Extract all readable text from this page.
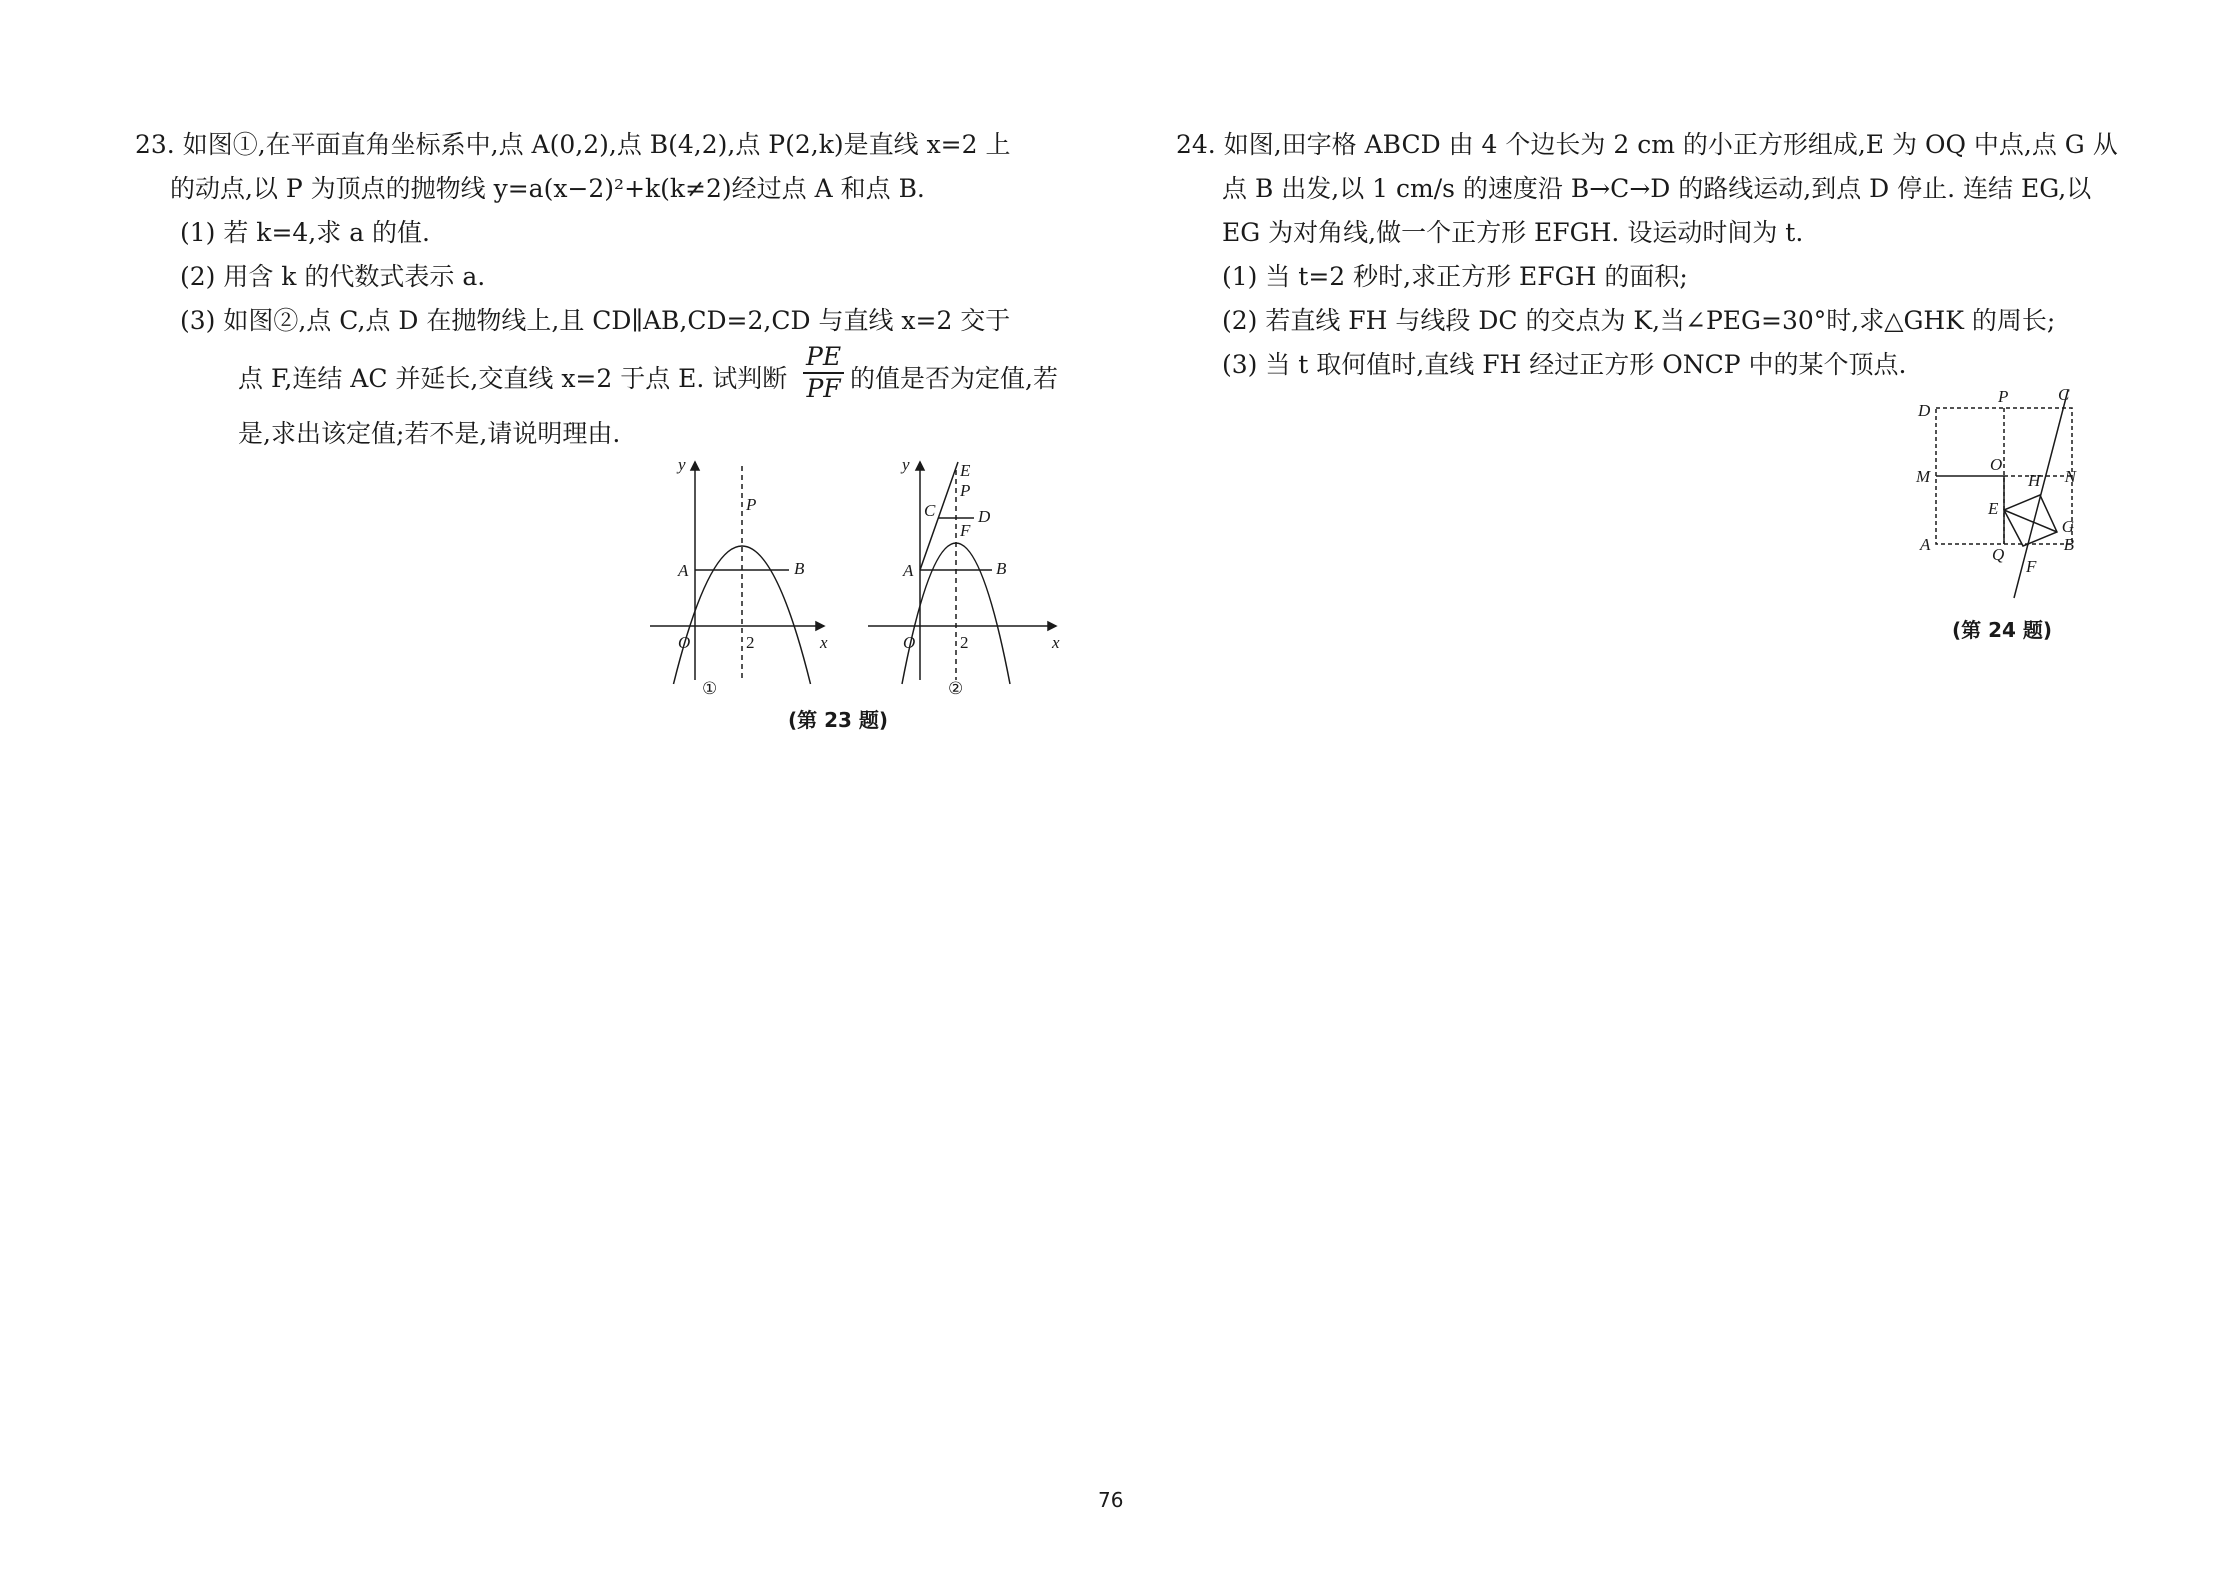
23. 如图①,在平面直角坐标系中,点 A(0,2),点 B(4,2),点 P(2,k)是直线 x=2 上
的动点,以 P 为顶点的抛物线 y=a(x−2)²+k(k≠2)经过点 A 和点 B.
(1) 若 k=4,求 a 的值.
(2) 用含 k 的代数式表示 a.
(3) 如图②,点 C,点 D 在抛物线上,且 CD∥AB,CD=2,CD 与直线 x=2 交于
点 F,连结 AC 并延长,交直线 x=2 于点 E. 试判断 $\frac{PE}{PF}$ 的值是否为定值,若
是,求出该定值;若不是,请说明理由.
y
x
O	2
A	B
P
①
y
x
O	2
A	B
P
C	D
E
F
②
(第 23 题)
24. 如图,田字格 ABCD 由 4 个边长为 2 cm 的小正方形组成,E 为 OQ 中点,点 G 从
点 B 出发,以 1 cm/s 的速度沿 B→C→D 的路线运动,到点 D 停止. 连结 EG,以
EG 为对角线,做一个正方形 EFGH. 设运动时间为 t.
(1) 当 t=2 秒时,求正方形 EFGH 的面积;
(2) 若直线 FH 与线段 DC 的交点为 K,当∠PEG=30°时,求△GHK 的周长;
(3) 当 t 取何值时,直线 FH 经过正方形 ONCP 中的某个顶点.
D
P	C
M
O
H N
E
G
A
Q
B
F
(第 24 题)
76
